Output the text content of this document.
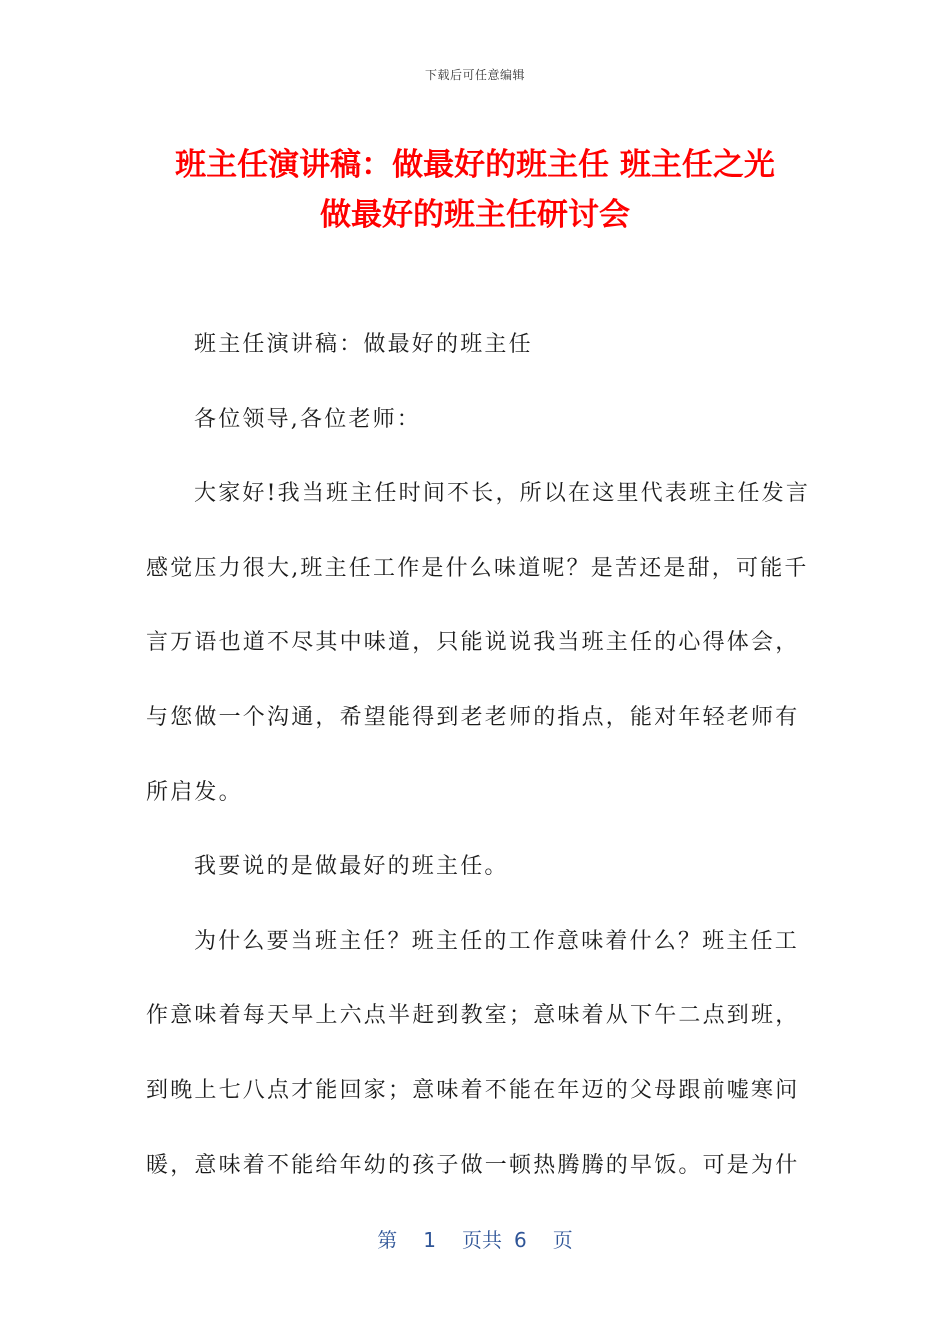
下载后可任意编辑
班主任演讲稿：做最好的班主任 班主任之光
做最好的班主任研讨会
班主任演讲稿：做最好的班主任
各位领导,各位老师：
大家好!我当班主任时间不长，所以在这里代表班主任发言
感觉压力很大,班主任工作是什么味道呢？是苦还是甜，可能千
言万语也道不尽其中味道，只能说说我当班主任的心得体会，
与您做一个沟通，希望能得到老老师的指点，能对年轻老师有
所启发。
我要说的是做最好的班主任。
为什么要当班主任？班主任的工作意味着什么？班主任工
作意味着每天早上六点半赶到教室；意味着从下午二点到班，
到晚上七八点才能回家；意味着不能在年迈的父母跟前嘘寒问
暖，意味着不能给年幼的孩子做一顿热腾腾的早饭。可是为什
第 1 页共 6 页
